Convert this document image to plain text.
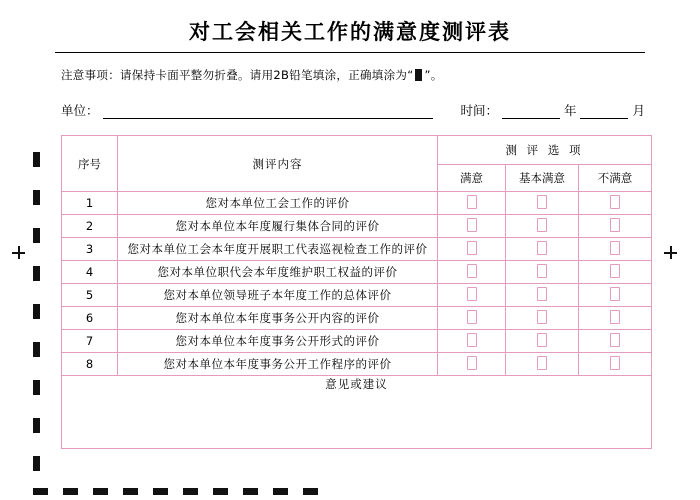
对工会相关工作的满意度测评表
注意事项：请保持卡面平整勿折叠。请用2B铅笔填涂，正确填涂为“ ”。
单位：	时间：	年	月
序号	测评内容	测 评 选 项		
		满意	基本满意	不满意
1	您对本单位工会工作的评价			
2	您对本单位本年度履行集体合同的评价			
3	您对本单位工会本年度开展职工代表巡视检查工作的评价			
4	您对本单位职代会本年度维护职工权益的评价			
5	您对本单位领导班子本年度工作的总体评价			
6	您对本单位本年度事务公开内容的评价			
7	您对本单位本年度事务公开形式的评价			
8	您对本单位本年度事务公开工作程序的评价			
意见或建议				
